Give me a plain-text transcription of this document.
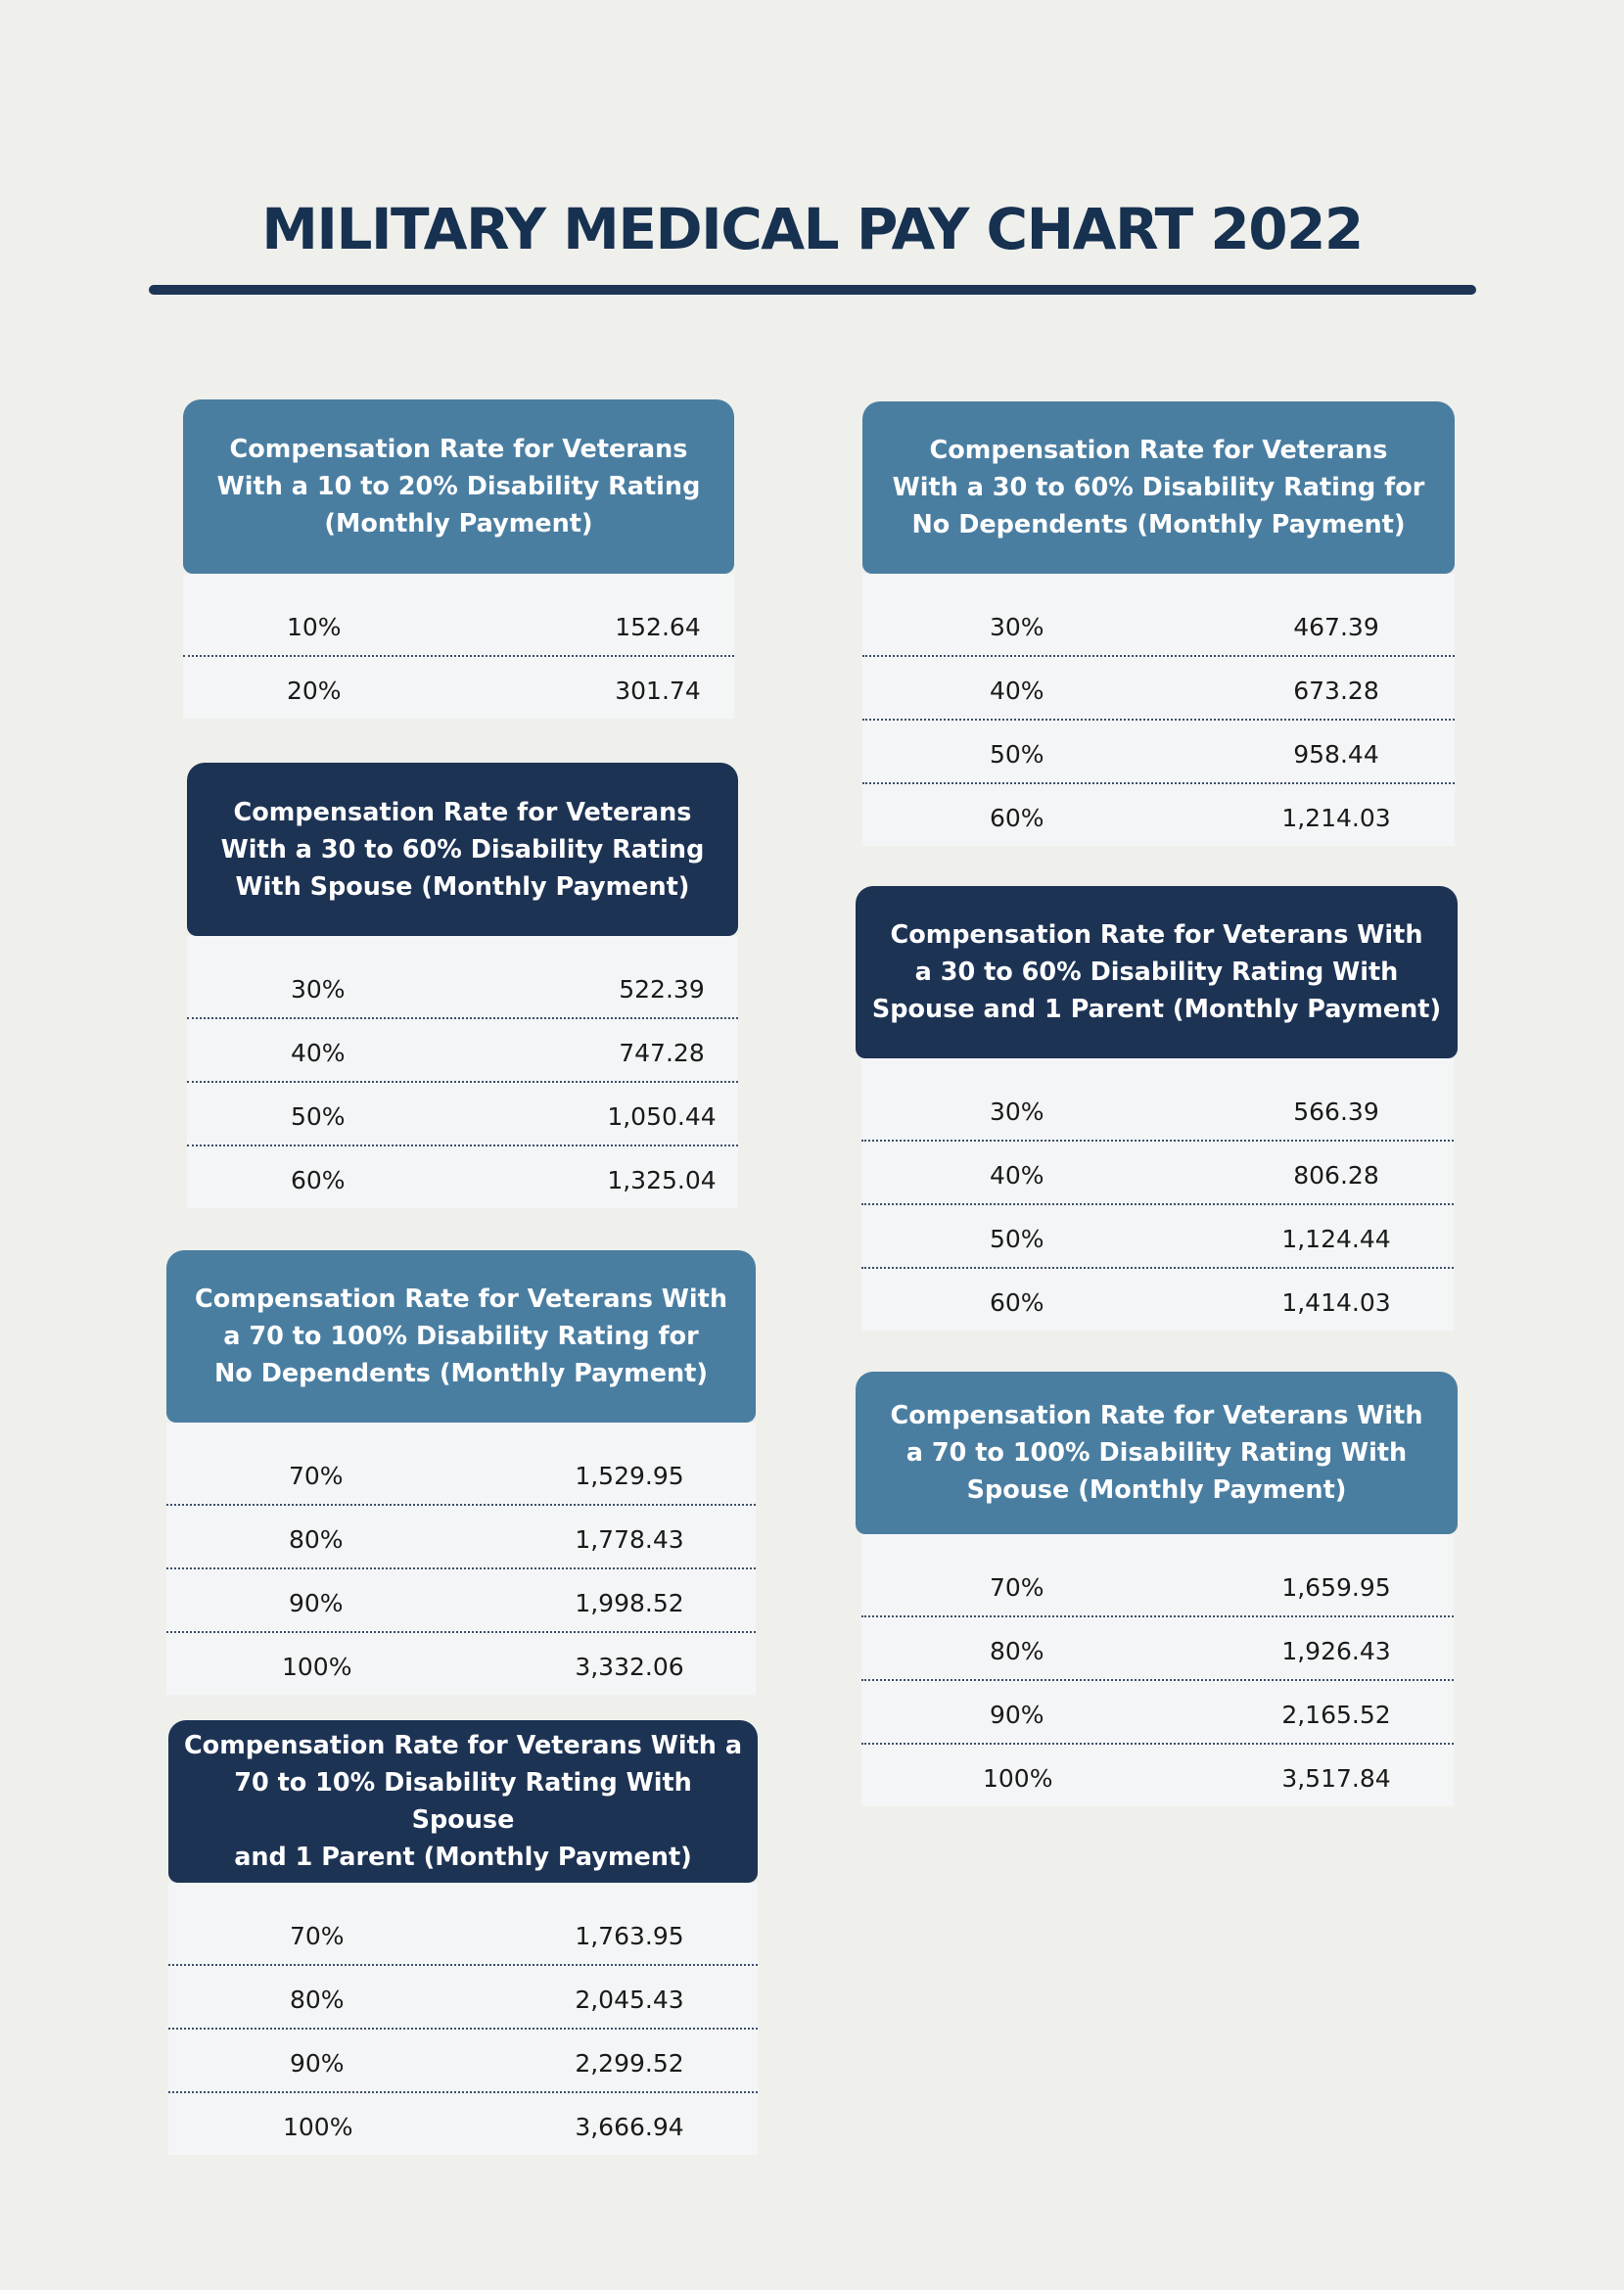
MILITARY MEDICAL PAY CHART 2022
Compensation Rate for Veterans
With a 10 to 20% Disability Rating
(Monthly Payment)
10%	152.64
20%	301.74
Compensation Rate for Veterans
With a 30 to 60% Disability Rating
With Spouse (Monthly Payment)
30%	522.39
40%	747.28
50%	1,050.44
60%	1,325.04
Compensation Rate for Veterans With
a 70 to 100% Disability Rating for
No Dependents (Monthly Payment)
70%	1,529.95
80%	1,778.43
90%	1,998.52
100%	3,332.06
Compensation Rate for Veterans With a
70 to 10% Disability Rating With Spouse
and 1 Parent (Monthly Payment)
70%	1,763.95
80%	2,045.43
90%	2,299.52
100%	3,666.94
Compensation Rate for Veterans
With a 30 to 60% Disability Rating for
No Dependents (Monthly Payment)
30%	467.39
40%	673.28
50%	958.44
60%	1,214.03
Compensation Rate for Veterans With
a 30 to 60% Disability Rating With
Spouse and 1 Parent (Monthly Payment)
30%	566.39
40%	806.28
50%	1,124.44
60%	1,414.03
Compensation Rate for Veterans With
a 70 to 100% Disability Rating With
Spouse (Monthly Payment)
70%	1,659.95
80%	1,926.43
90%	2,165.52
100%	3,517.84
